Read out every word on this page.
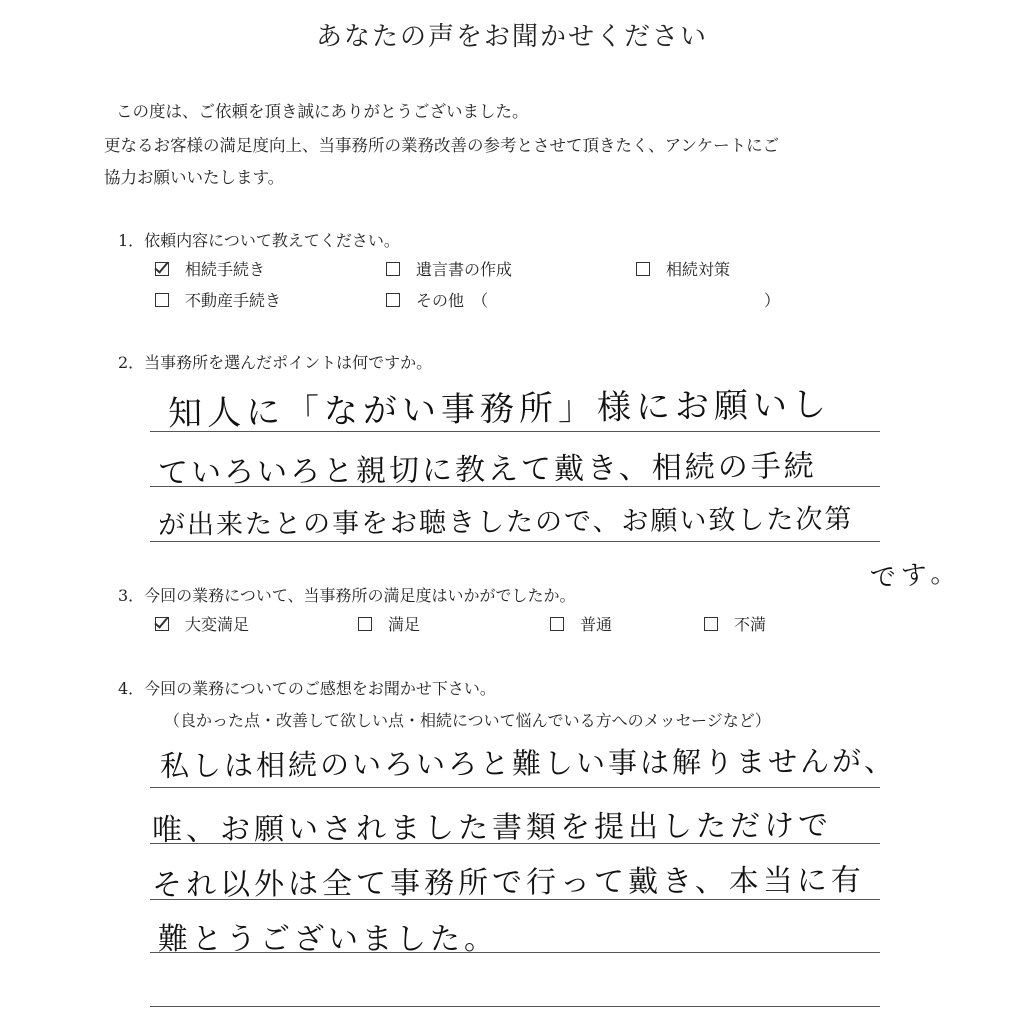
あなたの声をお聞かせください
この度は、ご依頼を頂き誠にありがとうございました。
更なるお客様の満足度向上、当事務所の業務改善の参考とさせて頂きたく、アンケートにご
協力お願いいたします。
1．依頼内容について教えてください。
相続手続き	遺言書の作成	相続対策
不動産手続き	その他　（	）
2．当事務所を選んだポイントは何ですか。
知人に「ながい事務所」様にお願いし
ていろいろと親切に教えて戴き、相続の手続
が出来たとの事をお聴きしたので、お願い致した次第
です。
3．今回の業務について、当事務所の満足度はいかがでしたか。
大変満足	満足	普通	不満
4．今回の業務についてのご感想をお聞かせ下さい。
（良かった点・改善して欲しい点・相続について悩んでいる方へのメッセージなど）
私しは相続のいろいろと難しい事は解りませんが、
唯、お願いされました書類を提出しただけで
それ以外は全て事務所で行って戴き、本当に有
難とうございました。
